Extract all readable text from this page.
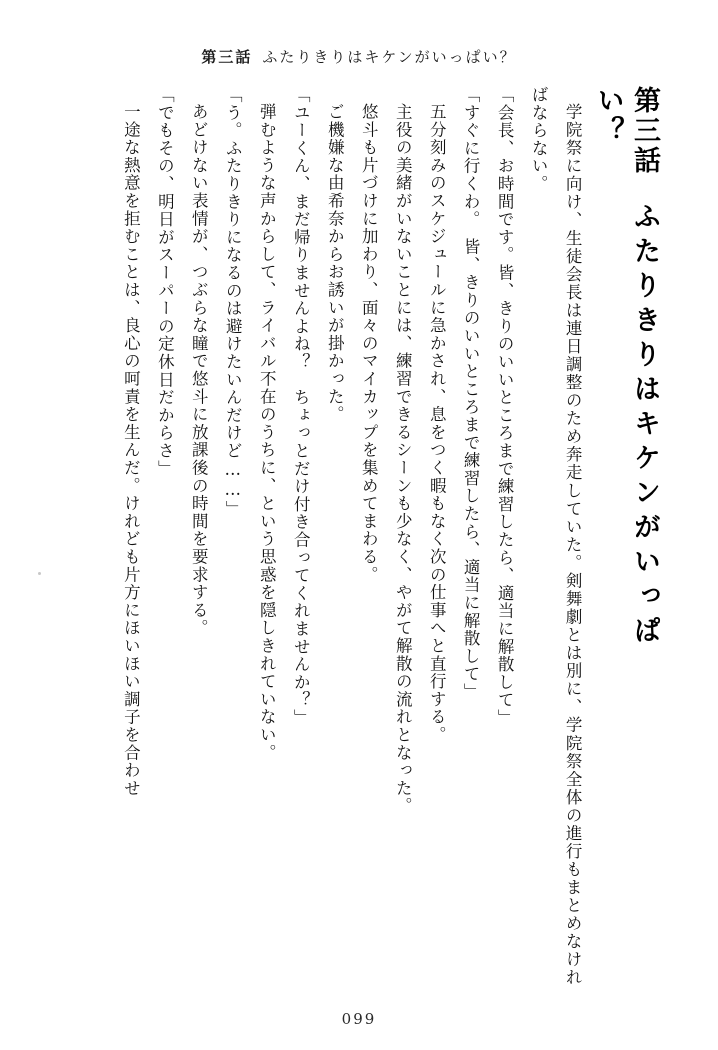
第三話 ふたりきりはキケンがいっぱい？
第三話ふたりきりはキケンがいっぱい？

学院祭に向け、生徒会長は連日調整のため奔走していた。剣舞劇とは別に、学院祭全体の進行もまとめなければならない。

「会長、お時間です。皆、きりのいいところまで練習したら、適当に解散して」

「すぐに行くわ。　皆、きりのいいところまで練習したら、適当に解散して」

五分刻みのスケジュールに急かされ、息をつく暇もなく次の仕事へと直行する。

主役の美緒がいないことには、練習できるシーンも少なく、やがて解散の流れとなった。

悠斗も片づけに加わり、面々のマイカップを集めてまわる。

ご機嫌な由希奈からお誘いが掛かった。

「ユーくん、まだ帰りませんよね？　ちょっとだけ付き合ってくれませんか？」

弾むような声からして、ライバル不在のうちに、という思惑を隠しきれていない。

「う。ふたりきりになるのは避けたいんだけど……」

あどけない表情が、つぶらな瞳で悠斗に放課後の時間を要求する。

「でもその、明日がスーパーの定休日だからさ」

一途な熱意を拒むことは、良心の呵責を生んだ。けれども片方にほいほい調子を合わせ

099
